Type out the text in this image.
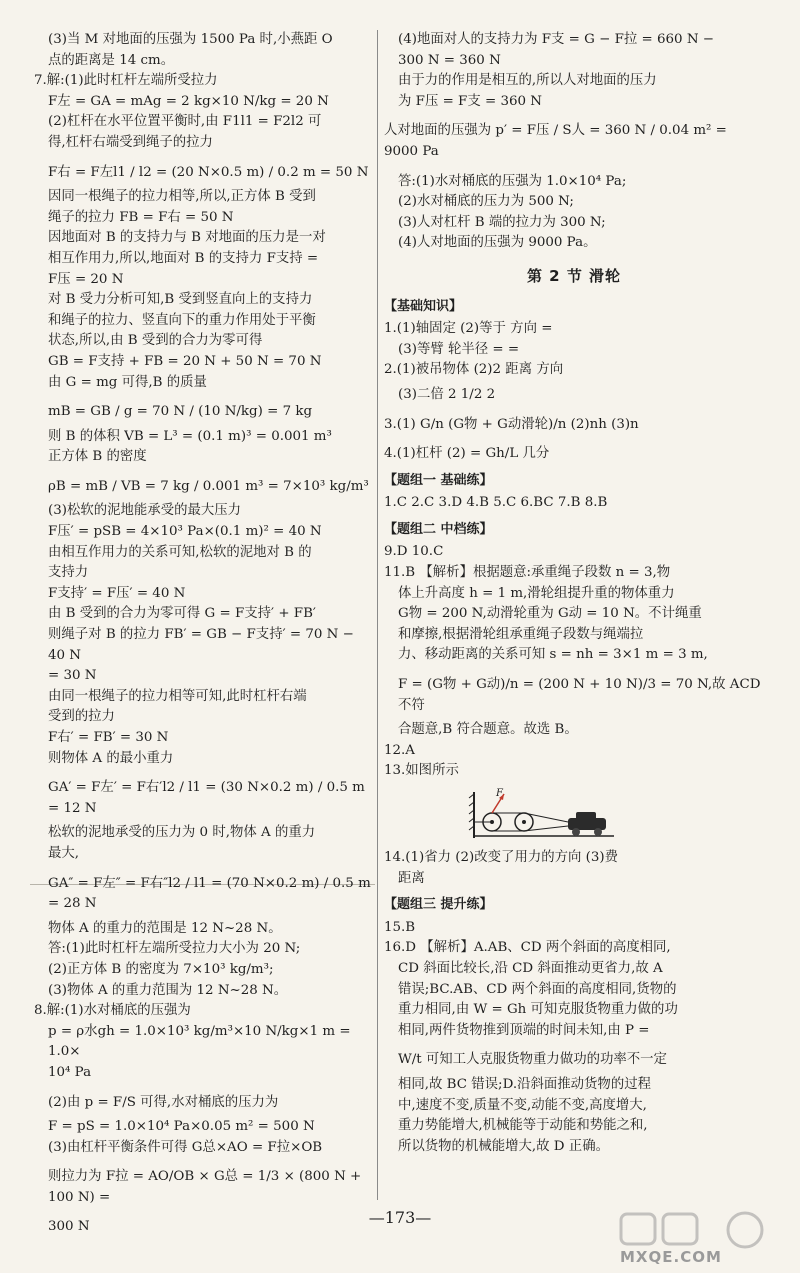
(3)当 M 对地面的压强为 1500 Pa 时,小燕距 O

点的距离是 14 cm。

7.解:(1)此时杠杆左端所受拉力

F左 = GA = mAg = 2 kg×10 N/kg = 20 N

(2)杠杆在水平位置平衡时,由 F1l1 = F2l2 可

得,杠杆右端受到绳子的拉力

F右 = F左l1 / l2 = (20 N×0.5 m) / 0.2 m = 50 N

因同一根绳子的拉力相等,所以,正方体 B 受到

绳子的拉力 FB = F右 = 50 N

因地面对 B 的支持力与 B 对地面的压力是一对

相互作用力,所以,地面对 B 的支持力 F支持 =

F压 = 20 N

对 B 受力分析可知,B 受到竖直向上的支持力

和绳子的拉力、竖直向下的重力作用处于平衡

状态,所以,由 B 受到的合力为零可得

GB = F支持 + FB = 20 N + 50 N = 70 N

由 G = mg 可得,B 的质量

mB = GB / g = 70 N / (10 N/kg) = 7 kg

则 B 的体积 VB = L³ = (0.1 m)³ = 0.001 m³

正方体 B 的密度

ρB = mB / VB = 7 kg / 0.001 m³ = 7×10³ kg/m³

(3)松软的泥地能承受的最大压力

F压′ = pSB = 4×10³ Pa×(0.1 m)² = 40 N

由相互作用力的关系可知,松软的泥地对 B 的

支持力

F支持′ = F压′ = 40 N

由 B 受到的合力为零可得 G = F支持′ + FB′

则绳子对 B 的拉力 FB′ = GB − F支持′ = 70 N − 40 N

= 30 N

由同一根绳子的拉力相等可知,此时杠杆右端

受到的拉力

F右′ = FB′ = 30 N

则物体 A 的最小重力

GA′ = F左′ = F右′l2 / l1 = (30 N×0.2 m) / 0.5 m = 12 N

松软的泥地承受的压力为 0 时,物体 A 的重力

最大,

GA″ = F左″ = F右″l2 / l1 = (70 N×0.2 m) / 0.5 m = 28 N

物体 A 的重力的范围是 12 N~28 N。

答:(1)此时杠杆左端所受拉力大小为 20 N;

(2)正方体 B 的密度为 7×10³ kg/m³;

(3)物体 A 的重力范围为 12 N~28 N。

8.解:(1)水对桶底的压强为

p = ρ水gh = 1.0×10³ kg/m³×10 N/kg×1 m = 1.0×

10⁴ Pa

(2)由 p = F/S 可得,水对桶底的压力为

F = pS = 1.0×10⁴ Pa×0.05 m² = 500 N

(3)由杠杆平衡条件可得 G总×AO = F拉×OB

则拉力为 F拉 = AO/OB × G总 = 1/3 × (800 N + 100 N) =

300 N

(4)地面对人的支持力为 F支 = G − F拉 = 660 N −

300 N = 360 N

由于力的作用是相互的,所以人对地面的压力

为 F压 = F支 = 360 N

人对地面的压强为 p′ = F压 / S人 = 360 N / 0.04 m² = 9000 Pa

答:(1)水对桶底的压强为 1.0×10⁴ Pa;

(2)水对桶底的压力为 500 N;

(3)人对杠杆 B 端的拉力为 300 N;

(4)人对地面的压强为 9000 Pa。

第 2 节 滑轮
【基础知识】

1.(1)轴固定 (2)等于 方向 =

(3)等臂 轮半径 = =

2.(1)被吊物体 (2)2 距离 方向

(3)二倍 2 1/2 2

3.(1) G/n (G物 + G动滑轮)/n (2)nh (3)n

4.(1)杠杆 (2) = Gh/L 几分

【题组一 基础练】

1.C 2.C 3.D 4.B 5.C 6.BC 7.B 8.B

【题组二 中档练】

9.D 10.C

11.B 【解析】根据题意:承重绳子段数 n = 3,物

体上升高度 h = 1 m,滑轮组提升重的物体重力

G物 = 200 N,动滑轮重为 G动 = 10 N。不计绳重

和摩擦,根据滑轮组承重绳子段数与绳端拉

力、移动距离的关系可知 s = nh = 3×1 m = 3 m,

F = (G物 + G动)/n = (200 N + 10 N)/3 = 70 N,故 ACD 不符

合题意,B 符合题意。故选 B。

12.A

13.如图所示

F

14.(1)省力 (2)改变了用力的方向 (3)费

距离

【题组三 提升练】

15.B

16.D 【解析】A.AB、CD 两个斜面的高度相同,

CD 斜面比较长,沿 CD 斜面推动更省力,故 A

错误;BC.AB、CD 两个斜面的高度相同,货物的

重力相同,由 W = Gh 可知克服货物重力做的功

相同,两件货物推到顶端的时间未知,由 P =

W/t 可知工人克服货物重力做功的功率不一定

相同,故 BC 错误;D.沿斜面推动货物的过程

中,速度不变,质量不变,动能不变,高度增大,

重力势能增大,机械能等于动能和势能之和,

所以货物的机械能增大,故 D 正确。

—173—
MXQE.COM
